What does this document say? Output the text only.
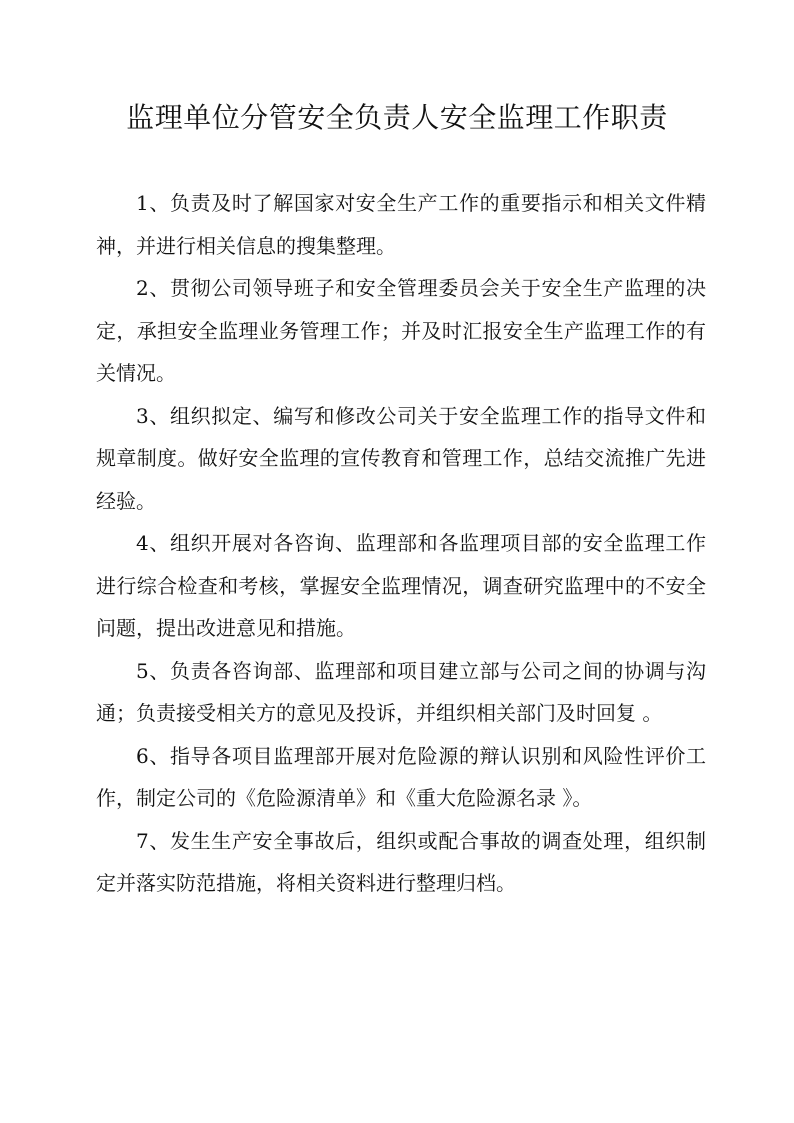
监理单位分管安全负责人安全监理工作职责

1、负责及时了解国家对安全生产工作的重要指示和相关文件精神，并进行相关信息的搜集整理。

2、贯彻公司领导班子和安全管理委员会关于安全生产监理的决定，承担安全监理业务管理工作；并及时汇报安全生产监理工作的有关情况。

3、组织拟定、编写和修改公司关于安全监理工作的指导文件和规章制度。做好安全监理的宣传教育和管理工作，总结交流推广先进经验。

4、组织开展对各咨询、监理部和各监理项目部的安全监理工作进行综合检查和考核，掌握安全监理情况，调查研究监理中的不安全问题，提出改进意见和措施。

5、负责各咨询部、监理部和项目建立部与公司之间的协调与沟通；负责接受相关方的意见及投诉，并组织相关部门及时回复 。

6、指导各项目监理部开展对危险源的辩认识别和风险性评价工作，制定公司的《危险源清单》和《重大危险源名录 》。

7、发生生产安全事故后，组织或配合事故的调查处理，组织制定并落实防范措施，将相关资料进行整理归档。
